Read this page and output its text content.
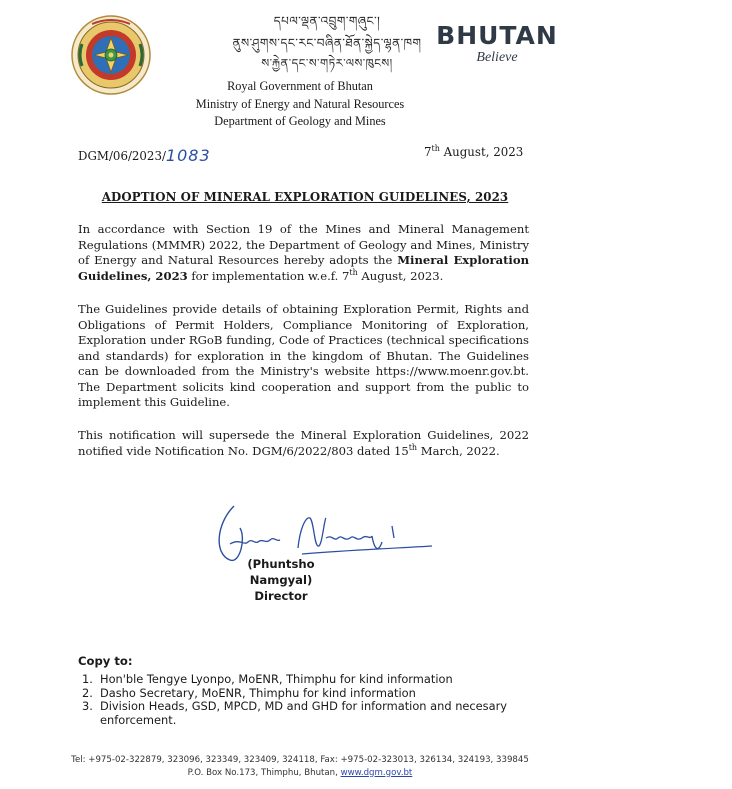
དཔལ་ལྡན་འབྲུག་གཞུང་།
ནུས་ཤུགས་དང་རང་བཞིན་ཐོན་སྐྱེད་ལྷན་ཁག
ས་རྐྱེན་དང་ས་གཏེར་ལས་ཁུངས།
BHUTAN
Believe
Royal Government of Bhutan
Ministry of Energy and Natural Resources
Department of Geology and Mines
DGM/06/2023/1083	7th August, 2023
ADOPTION OF MINERAL EXPLORATION GUIDELINES, 2023
In accordance with Section 19 of the Mines and Mineral Management Regulations (MMMR) 2022, the Department of Geology and Mines, Ministry of Energy and Natural Resources hereby adopts the Mineral Exploration Guidelines, 2023 for implementation w.e.f. 7th August, 2023.
The Guidelines provide details of obtaining Exploration Permit, Rights and Obligations of Permit Holders, Compliance Monitoring of Exploration, Exploration under RGoB funding, Code of Practices (technical specifications and standards) for exploration in the kingdom of Bhutan. The Guidelines can be downloaded from the Ministry's website https://www.moenr.gov.bt. The Department solicits kind cooperation and support from the public to implement this Guideline.
This notification will supersede the Mineral Exploration Guidelines, 2022 notified vide Notification No. DGM/6/2022/803 dated 15th March, 2022.
(Phuntsho Namgyal)
Director
Copy to:
1. Hon'ble Tengye Lyonpo, MoENR, Thimphu for kind information
2. Dasho Secretary, MoENR, Thimphu for kind information
3. Division Heads, GSD, MPCD, MD and GHD for information and necesary enforcement.
Tel: +975-02-322879, 323096, 323349, 323409, 324118, Fax: +975-02-323013, 326134, 324193, 339845
P.O. Box No.173, Thimphu, Bhutan, www.dgm.gov.bt
